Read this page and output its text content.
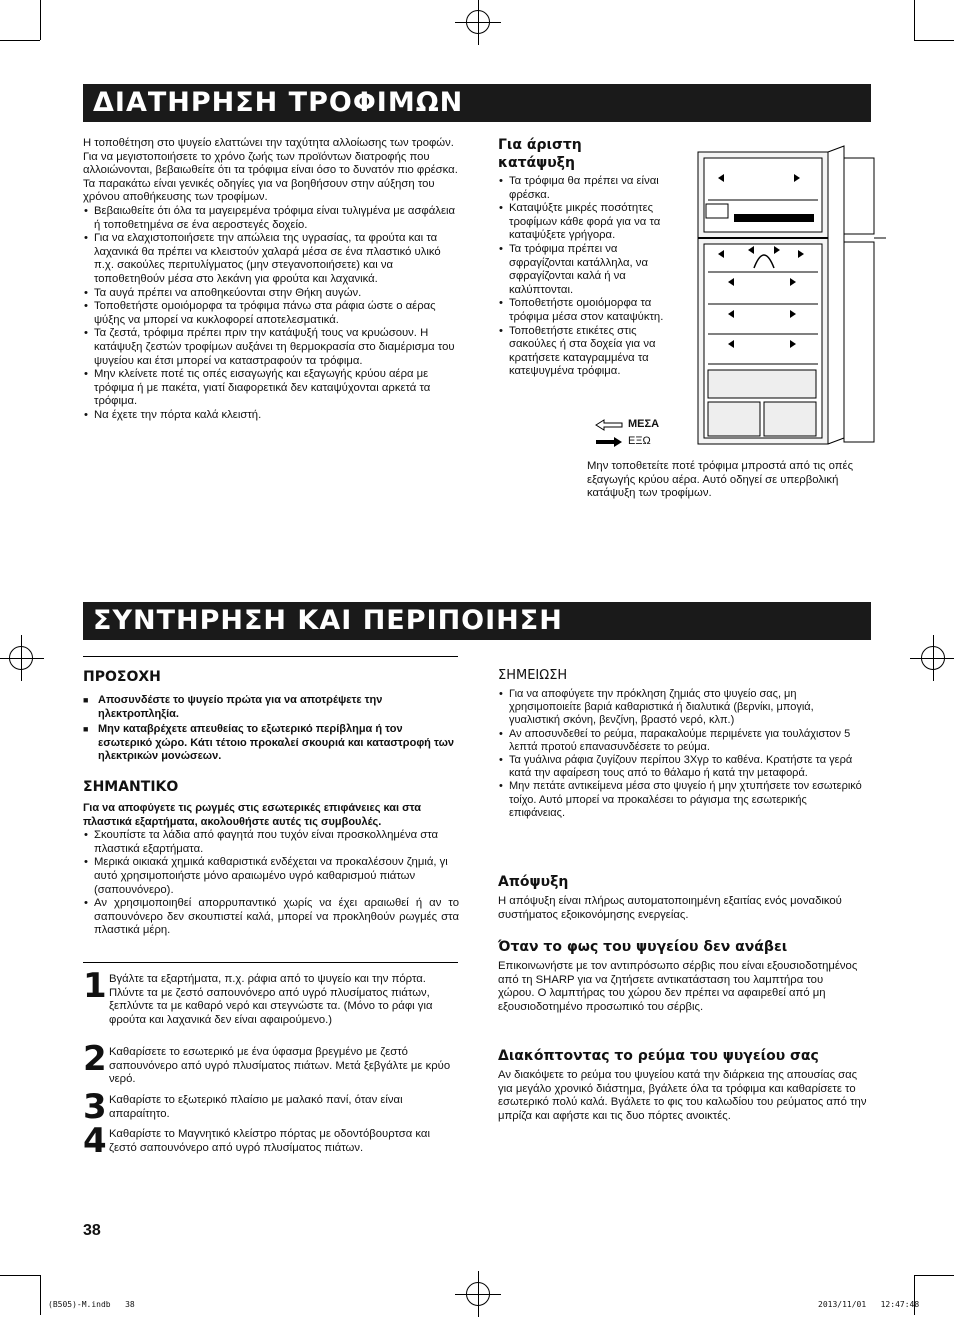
ΔΙΑΤΗΡΗΣΗ ΤΡΟΦΙΜΩΝ

Η τοποθέτηση στο ψυγείο ελαττώνει την ταχύτητα αλλοίωσης των τροφών. Για να μεγιστοποιήσετε το χρόνο ζωής των προϊόντων διατροφής που αλλοιώνονται, βεβαιωθείτε ότι τα τρόφιμα είναι όσο το δυνατόν πιο φρέσκα. Τα παρακάτω είναι γενικές οδηγίες για να βοηθήσουν στην αύξηση του χρόνου αποθήκευσης των τροφίμων.

• Βεβαιωθείτε ότι όλα τα μαγειρεμένα τρόφιμα είναι τυλιγμένα με ασφάλεια ή τοποθετημένα σε ένα αεροστεγές δοχείο.
• Για να ελαχιστοποιήσετε την απώλεια της υγρασίας, τα φρούτα και τα λαχανικά θα πρέπει να κλειστούν χαλαρά μέσα σε ένα πλαστικό υλικό π.χ. σακούλες περιτυλίγματος (μην στεγανοποιήσετε) και να τοποθετηθούν μέσα στο λεκάνη για φρούτα και λαχανικά.
• Τα αυγά πρέπει να αποθηκεύονται στην Θήκη αυγών.
• Τοποθετήστε ομοιόμορφα τα τρόφιμα πάνω στα ράφια ώστε ο αέρας ψύξης να μπορεί να κυκλοφορεί αποτελεσματικά.
• Τα ζεστά, τρόφιμα πρέπει πριν την κατάψυξή τους να κρυώσουν. Η κατάψυξη ζεστών τροφίμων αυξάνει τη θερμοκρασία στο διαμέρισμα του ψυγείου και έτσι μπορεί να καταστραφούν τα τρόφιμα.
• Μην κλείνετε ποτέ τις οπές εισαγωγής και εξαγωγής κρύου αέρα με τρόφιμα ή με πακέτα, γιατί διαφορετικά δεν καταψύχονται αρκετά τα τρόφιμα.
• Να έχετε την πόρτα καλά κλειστή.
Για άριστη κατάψυξη
• Τα τρόφιμα θα πρέπει να είναι φρέσκα.
• Καταψύξτε μικρές ποσότητες τροφίμων κάθε φορά για να τα καταψύξετε γρήγορα.
• Τα τρόφιμα πρέπει να σφραγίζονται κατάλληλα, να σφραγίζονται καλά ή να καλύπτονται.
• Τοποθετήστε ομοιόμορφα τα τρόφιμα μέσα στον καταψύκτη.
• Τοποθετήστε ετικέτες στις σακούλες ή στα δοχεία για να κρατήσετε καταγραμμένα τα κατεψυγμένα τρόφιμα.
ΜΕΣΑ
ΕΞΩ

Μην τοποθετείτε ποτέ τρόφιμα μπροστά από τις οπές εξαγωγής κρύου αέρα. Αυτό οδηγεί σε υπερβολική κατάψυξη των τροφίμων.

ΣΥΝΤΗΡΗΣΗ ΚΑΙ ΠΕΡΙΠΟΙΗΣΗ
ΠΡΟΣΟΧΗ
■ Αποσυνδέστε το ψυγείο πρώτα για να αποτρέψετε την ηλεκτροπληξία.
■ Μην καταβρέχετε απευθείας το εξωτερικό περίβλημα ή τον εσωτερικό χώρο. Κάτι τέτοιο προκαλεί σκουριά και καταστροφή των ηλεκτρικών μονώσεων.
ΣΗΜΑΝΤΙΚΟ

Για να αποφύγετε τις ρωγμές στις εσωτερικές επιφάνειες και στα πλαστικά εξαρτήματα, ακολουθήστε αυτές τις συμβουλές.

• Σκουπίστε τα λάδια από φαγητά που τυχόν είναι προσκολλημένα στα πλαστικά εξαρτήματα.
• Μερικά οικιακά χημικά καθαριστικά ενδέχεται να προκαλέσουν ζημιά, γι αυτό χρησιμοποιήστε μόνο αραιωμένο υγρό καθαρισμού πιάτων (σαπουνόνερο).
• Αν χρησιμοποιηθεί απορρυπαντικό χωρίς να έχει αραιωθεί ή αν το σαπουνόνερο δεν σκουπιστεί καλά, μπορεί να προκληθούν ρωγμές στα πλαστικά μέρη.
1 Βγάλτε τα εξαρτήματα, π.χ. ράφια από το ψυγείο και την πόρτα. Πλύντε τα με ζεστό σαπουνόνερο από υγρό πλυσίματος πιάτων, ξεπλύντε τα με καθαρό νερό και στεγνώστε τα. (Μόνο το ράφι για φρούτα και λαχανικά δεν είναι αφαιρούμενο.)

2 Καθαρίσετε το εσωτερικό με ένα ύφασμα βρεγμένο με ζεστό σαπουνόνερο από υγρό πλυσίματος πιάτων. Μετά ξεβγάλτε με κρύο νερό.

3 Καθαρίστε το εξωτερικό πλαίσιο με μαλακό πανί, όταν είναι απαραίτητο.

4 Καθαρίστε το Μαγνητικό κλείστρο πόρτας με οδοντόβουρτσα και ζεστό σαπουνόνερο από υγρό πλυσίματος πιάτων.

ΣΗΜΕΙΩΣΗ
• Για να αποφύγετε την πρόκληση ζημιάς στο ψυγείο σας, μη χρησιμοποιείτε βαριά καθαριστικά ή διαλυτικά (βερνίκι, μπογιά, γυαλιστική σκόνη, βενζίνη, βραστό νερό, κλπ.)
• Αν αποσυνδεθεί το ρεύμα, παρακαλούμε περιμένετε για τουλάχιστον 5 λεπτά προτού επανασυνδέσετε το ρεύμα.
• Τα γυάλινα ράφια ζυγίζουν περίπου 3Χγρ το καθένα. Κρατήστε τα γερά κατά την αφαίρεση τους από το θάλαμο ή κατά την μεταφορά.
• Μην πετάτε αντικείμενα μέσα στο ψυγείο ή μην χτυπήσετε τον εσωτερικό τοίχο. Αυτό μπορεί να προκαλέσει το ράγισμα της εσωτερικής επιφάνειας.
Απόψυξη

Η απόψυξη είναι πλήρως αυτοματοποιημένη εξαιτίας ενός μοναδικού συστήματος εξοικονόμησης ενεργείας.

Όταν το φως του ψυγείου δεν ανάβει

Επικοινωνήστε με τον αντιπρόσωπο σέρβις που είναι εξουσιοδοτημένος από τη SHARP για να ζητήσετε αντικατάσταση του λαμπτήρα του χώρου. Ο λαμπτήρας του χώρου δεν πρέπει να αφαιρεθεί από μη εξουσιοδοτημένο προσωπικό του σέρβις.

Διακόπτοντας το ρεύμα του ψυγείου σας

Αν διακόψετε το ρεύμα του ψυγείου κατά την διάρκεια της απουσίας σας για μεγάλο χρονικό διάστημα, βγάλετε όλα τα τρόφιμα και καθαρίσετε το εσωτερικό πολύ καλά. Βγάλετε το φις του καλωδίου του ρεύματος από την μπρίζα και αφήστε και τις δυο πόρτες ανοικτές.

38
(B505)-M.indb   38	2013/11/01   12:47:48
